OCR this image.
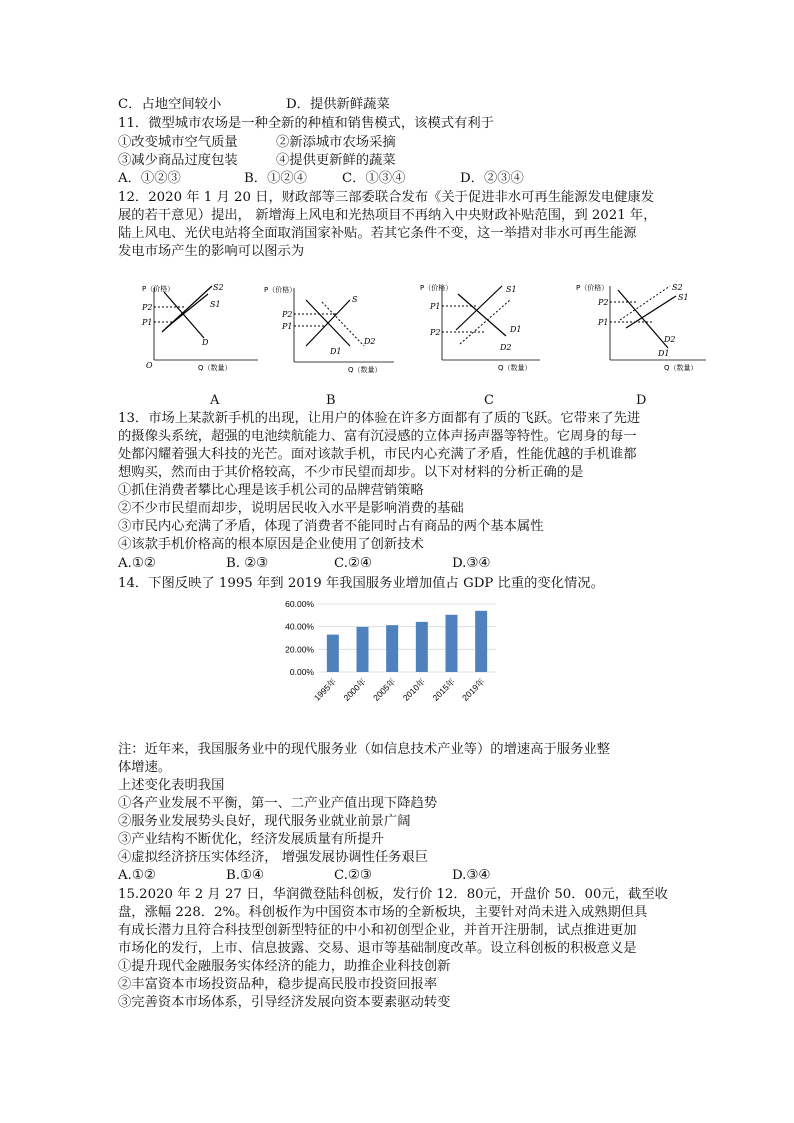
C．占地空间较小	D．提供新鲜蔬菜
11．微型城市农场是一种全新的种植和销售模式，该模式有利于
①改变城市空气质量	②新添城市农场采摘
③减少商品过度包装	④提供更新鲜的蔬菜
A．①②③	B．①②④	C．①③④	D．②③④
12．2020 年 1 月 20 日，财政部等三部委联合发布《关于促进非水可再生能源发电健康发
展的若干意见）提出， 新增海上风电和光热项目不再纳入中央财政补贴范围，到 2021 年，
陆上风电、光伏电站将全面取消国家补贴。若其它条件不变，这一举措对非水可再生能源
发电市场产生的影响可以图示为
P（价格）
Q（数量）
O
P2
P1
S2
S1
D
A
P（价格）
Q（数量）
P2
P1
S
D1
D2
B
P（价格）
Q（数量）
P1
P2
S1
D1
D2
C
P（价格）
Q（数量）
P2
P1
S2
S1
D2
D1
D
13．市场上某款新手机的出现，让用户的体验在许多方面都有了质的飞跃。它带来了先进
的摄像头系统，超强的电池续航能力、富有沉浸感的立体声扬声器等特性。它周身的每一
处都闪耀着强大科技的光芒。面对该款手机，市民内心充满了矛盾，性能优越的手机谁都
想购买，然而由于其价格较高，不少市民望而却步。以下对材料的分析正确的是
①抓住消费者攀比心理是该手机公司的品牌营销策略
②不少市民望而却步，说明居民收入水平是影响消费的基础
③市民内心充满了矛盾，体现了消费者不能同时占有商品的两个基本属性
④该款手机价格高的根本原因是企业使用了创新技术
A.①②	B. ②③	C.②④	D.③④
14．下图反映了 1995 年到 2019 年我国服务业增加值占 GDP 比重的变化情况。
0.00%
20.00%
40.00%
60.00%
1995年 2000年 2005年 2010年 2015年 2019年
注：近年来，我国服务业中的现代服务业（如信息技术产业等）的增速高于服务业整
体增速。
上述变化表明我国
①各产业发展不平衡，第一、二产业产值出现下降趋势
②服务业发展势头良好，现代服务业就业前景广阔
③产业结构不断优化，经济发展质量有所提升
④虚拟经济挤压实体经济， 增强发展协调性任务艰巨
A.①②	B.①④	C.②③	D.③④
15.2020 年 2 月 27 日，华润微登陆科创板，发行价 12．80元，开盘价 50．00元，截至收
盘，涨幅 228．2%。科创板作为中国资本市场的全新板块，主要针对尚未进入成熟期但具
有成长潜力且符合科技型创新型特征的中小和初创型企业，并首开注册制，试点推进更加
市场化的发行，上市、信息披露、交易、退市等基础制度改革。设立科创板的积极意义是
①提升现代金融服务实体经济的能力，助推企业科技创新
②丰富资本市场投资品种，稳步提高民股市投资回报率
③完善资本市场体系，引导经济发展向资本要素驱动转变
